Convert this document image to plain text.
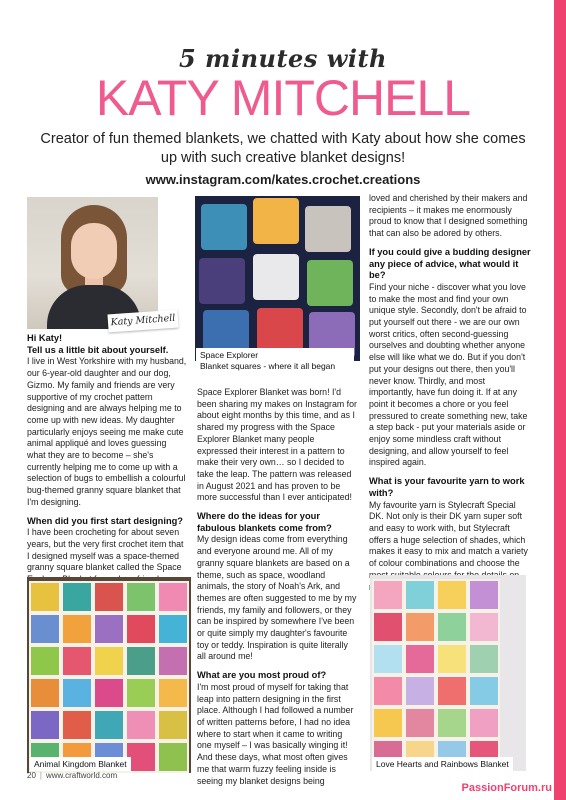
5 minutes with
KATY MITCHELL
Creator of fun themed blankets, we chatted with Katy about how she comes up with such creative blanket designs!
www.instagram.com/kates.crochet.creations
Katy Mitchell
Space Explorer
Blanket squares - where it all began
Hi Katy!
Tell us a little bit about yourself.

I live in West Yorkshire with my husband, our 6-year-old daughter and our dog, Gizmo. My family and friends are very supportive of my crochet pattern designing and are always helping me to come up with new ideas. My daughter particularly enjoys seeing me make cute animal appliqué and loves guessing what they are to become – she's currently helping me to come up with a selection of bugs to embellish a colourful bug-themed granny square blanket that I'm designing.

When did you first start designing?

I have been crocheting for about seven years, but the very first crochet item that I designed myself was a space-themed granny square blanket called the Space

Space Explorer Blanket was born! I'd been sharing my makes on Instagram for about eight months by this time, and as I shared my progress with the Space Explorer Blanket many people expressed their interest in a pattern to make their very own… so I decided to take the leap. The pattern was released in August 2021 and has proven to be more successful than I ever anticipated!

Where do the ideas for your fabulous blankets come from?

My design ideas come from everything and everyone around me. All of my granny square blankets are based on a theme, such as space, woodland animals, the story of Noah's Ark, and themes are often suggested to me by my friends, my family and followers, or they can be inspired by somewhere I've been or quite simply my daughter's favourite toy or teddy. Inspiration is quite literally all around me!

What are you most proud of?

I'm most proud of myself for taking that leap into pattern designing in the first place. Although I had followed a number of written patterns before, I had no idea where to start when it came to writing one myself – I was basically winging it! And these days, what most often gives me that warm fuzzy feeling inside is seeing my blanket designs being

loved and cherished by their makers and recipients – it makes me enormously proud to know that I designed something that can also be adored by others.

If you could give a budding designer any piece of advice, what would it be?

Find your niche - discover what you love to make the most and find your own unique style. Secondly, don't be afraid to put yourself out there - we are our own worst critics, often second-guessing ourselves and doubting whether anyone else will like what we do. But if you don't put your designs out there, then you'll never know. Thirdly, and most importantly, have fun doing it. If at any point it becomes a chore or you feel pressured to create something new, take a step back - put your materials aside or enjoy some mindless craft without designing, and allow yourself to feel inspired again.

What is your favourite yarn to work with?

My favourite yarn is Stylecraft Special DK. Not only is their DK yarn super soft and easy to work with, but Stylecraft offers a huge selection of shades, which makes it easy to mix and match a variety of colour combinations and choose the

Animal Kingdom Blanket	Love Hearts and Rainbows Blanket
20 | www.craftworld.com
PassionForum.ru
